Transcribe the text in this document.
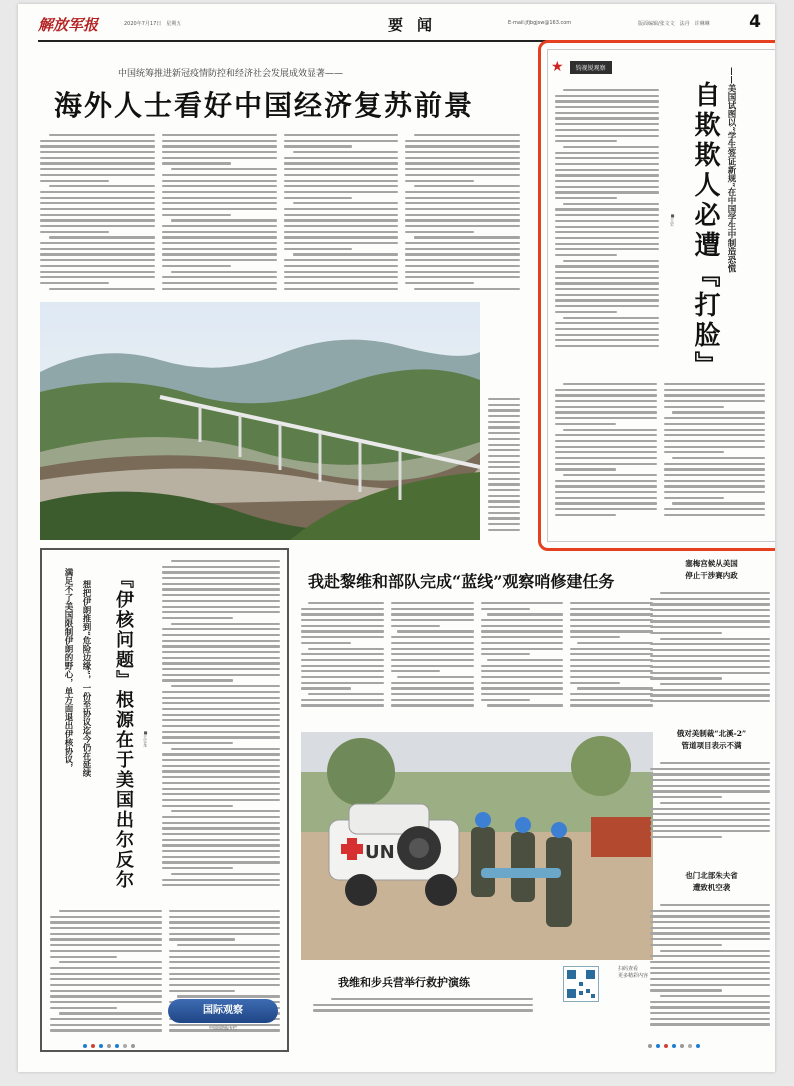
解放军报	2020年7月17日　星期五	要闻	E-mail:jfjbgjsw@163.com	版面编辑/张文文　法丹　许琳琳 4
中国统筹推进新冠疫情防控和经济社会发展成效显著——
海外人士看好中国经济复苏前景
★	钧视锐观察
自欺欺人必遭『打脸』 ——美国试图以“学生签证新规”在中国学生中制造恐慌
■王史
『伊核问题』根源在于美国出尔反尔
满足不了美国限制伊朗的野心，单方面退出伊核协议， 想把伊朗推到“危险边缘”，一份至协议迄今仍在延续	■王宝龙
国际观察
中国国防报专栏
我赴黎维和部队完成“蓝线”观察哨修建任务
UN
我维和步兵营举行救护演练
扫码查看
更多精彩内容
塞梅宫候从美国
停止干涉赛内政
俄对美制裁“北溪-2”
管道项目表示不满
也门北部朱夫省
遭致机空袭
